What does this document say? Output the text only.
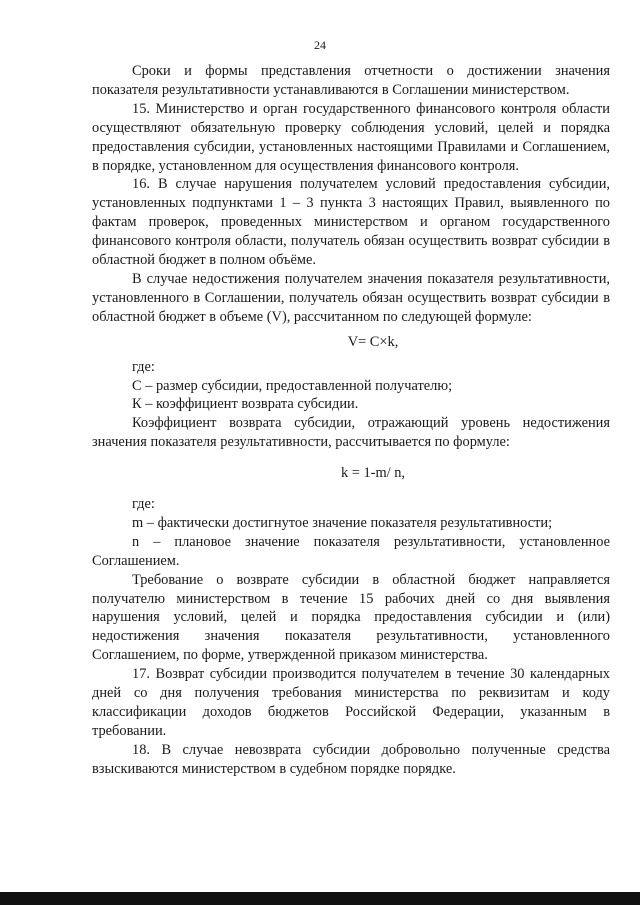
24

Сроки и формы представления отчетности о достижении значения показателя результативности устанавливаются в Соглашении министерством.

15. Министерство и орган государственного финансового контроля области осуществляют обязательную проверку соблюдения условий, целей и порядка предоставления субсидии, установленных настоящими Правилами и Соглашением, в порядке, установленном для осуществления финансового контроля.

16. В случае нарушения получателем условий предоставления субсидии, установленных подпунктами 1 – 3 пункта 3 настоящих Правил, выявленного по фактам проверок, проведенных министерством и органом государственного финансового контроля области, получатель обязан осуществить возврат субсидии в областной бюджет в полном объёме.

В случае недостижения получателем значения показателя результативности, установленного в Соглашении, получатель обязан осуществить возврат субсидии в областной бюджет в объеме (V), рассчитанном по следующей формуле:

V= C×k,

где:

С – размер субсидии, предоставленной получателю;

К – коэффициент возврата субсидии.

Коэффициент возврата субсидии, отражающий уровень недостижения значения показателя результативности, рассчитывается по формуле:

k = 1-m/ n,

где:

m – фактически достигнутое значение показателя результативности;

n – плановое значение показателя результативности, установленное Соглашением.

Требование о возврате субсидии в областной бюджет направляется получателю министерством в течение 15 рабочих дней со дня выявления нарушения условий, целей и порядка предоставления субсидии и (или) недостижения значения показателя результативности, установленного Соглашением, по форме, утвержденной приказом министерства.

17. Возврат субсидии производится получателем в течение 30 календарных дней со дня получения требования министерства по реквизитам и коду классификации доходов бюджетов Российской Федерации, указанным в требовании.

18. В случае невозврата субсидии добровольно полученные средства взыскиваются министерством в судебном порядке порядке.
